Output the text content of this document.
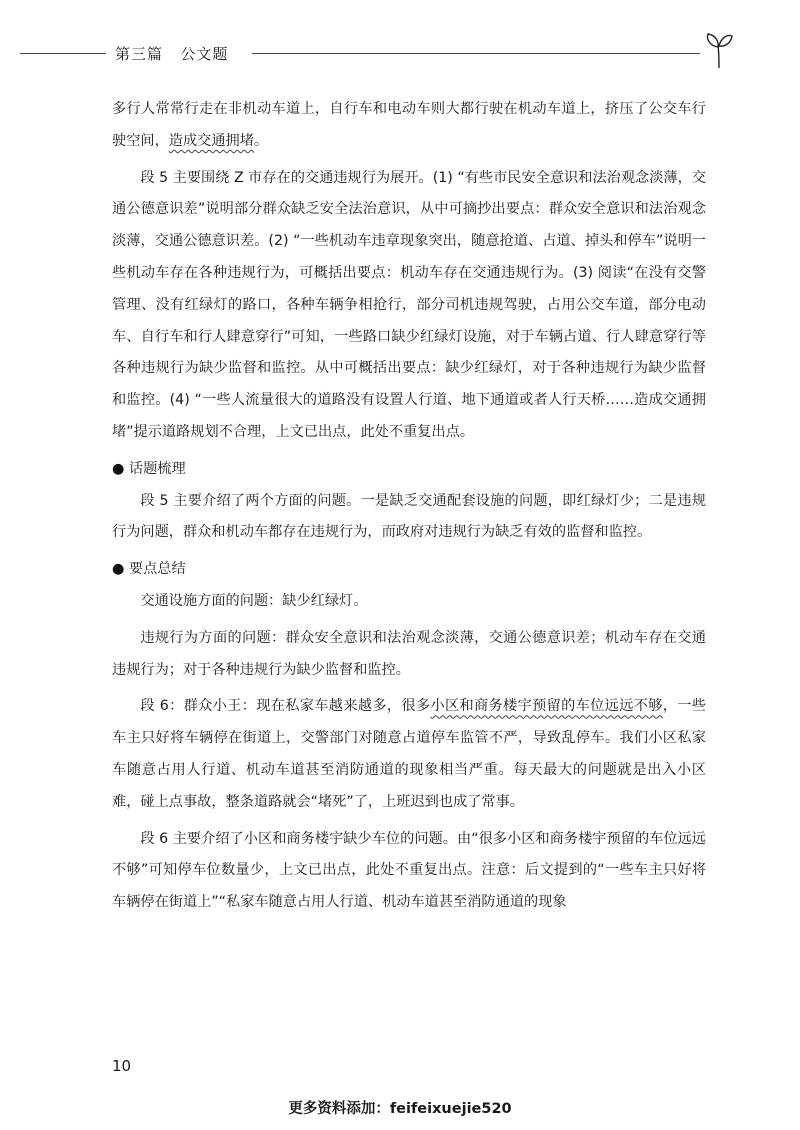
第三篇 公文题

多行人常常行走在非机动车道上，自行车和电动车则大都行驶在机动车道上，挤压了公交车行驶空间，造成交通拥堵。

段 5 主要围绕 Z 市存在的交通违规行为展开。(1) “有些市民安全意识和法治观念淡薄，交通公德意识差”说明部分群众缺乏安全法治意识，从中可摘抄出要点：群众安全意识和法治观念淡薄，交通公德意识差。(2) “一些机动车违章现象突出，随意抢道、占道、掉头和停车”说明一些机动车存在各种违规行为，可概括出要点：机动车存在交通违规行为。(3) 阅读“在没有交警管理、没有红绿灯的路口，各种车辆争相抢行，部分司机违规驾驶，占用公交车道，部分电动车、自行车和行人肆意穿行”可知，一些路口缺少红绿灯设施，对于车辆占道、行人肆意穿行等各种违规行为缺少监督和监控。从中可概括出要点：缺少红绿灯，对于各种违规行为缺少监督和监控。(4) “一些人流量很大的道路没有设置人行道、地下通道或者人行天桥……造成交通拥堵”提示道路规划不合理，上文已出点，此处不重复出点。

● 话题梳理

段 5 主要介绍了两个方面的问题。一是缺乏交通配套设施的问题，即红绿灯少；二是违规行为问题，群众和机动车都存在违规行为，而政府对违规行为缺乏有效的监督和监控。

● 要点总结

交通设施方面的问题：缺少红绿灯。

违规行为方面的问题：群众安全意识和法治观念淡薄，交通公德意识差；机动车存在交通违规行为；对于各种违规行为缺少监督和监控。

段 6：群众小王：现在私家车越来越多，很多小区和商务楼宇预留的车位远远不够，一些车主只好将车辆停在街道上，交警部门对随意占道停车监管不严，导致乱停车。我们小区私家车随意占用人行道、机动车道甚至消防通道的现象相当严重。每天最大的问题就是出入小区难，碰上点事故，整条道路就会“堵死”了，上班迟到也成了常事。

段 6 主要介绍了小区和商务楼宇缺少车位的问题。由“很多小区和商务楼宇预留的车位远远不够”可知停车位数量少，上文已出点，此处不重复出点。注意：后文提到的“一些车主只好将车辆停在街道上”“私家车随意占用人行道、机动车道甚至消防通道的现象

10
更多资料添加：feifeixuejie520
